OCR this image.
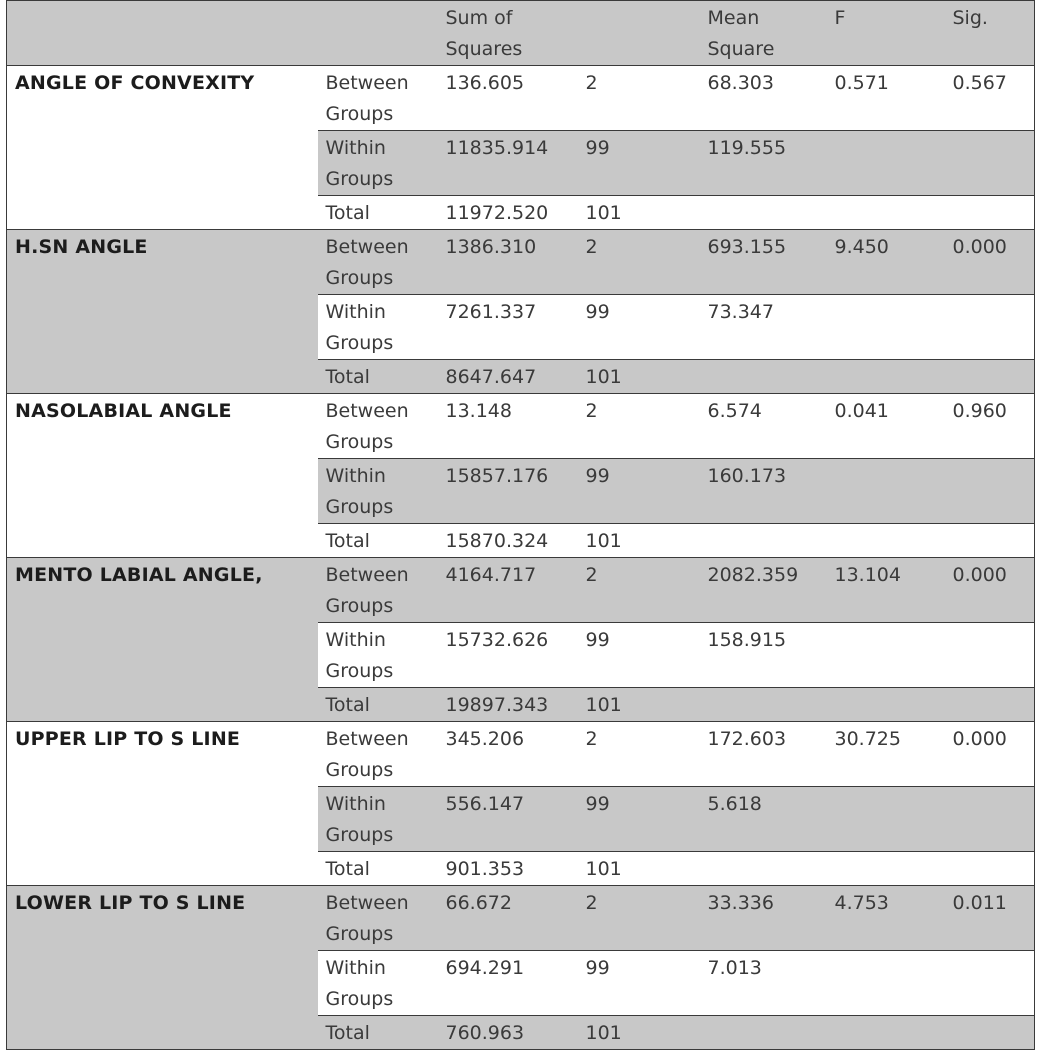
		Sum of Squares		Mean Square	F	Sig.
ANGLE OF CONVEXITY	Between Groups	136.605	2	68.303	0.571	0.567
	Within Groups	11835.914	99	119.555		
	Total	11972.520	101			
H.SN ANGLE	Between Groups	1386.310	2	693.155	9.450	0.000
	Within Groups	7261.337	99	73.347		
	Total	8647.647	101			
NASOLABIAL ANGLE	Between Groups	13.148	2	6.574	0.041	0.960
	Within Groups	15857.176	99	160.173		
	Total	15870.324	101			
MENTO LABIAL ANGLE,	Between Groups	4164.717	2	2082.359	13.104	0.000
	Within Groups	15732.626	99	158.915		
	Total	19897.343	101			
UPPER LIP TO S LINE	Between Groups	345.206	2	172.603	30.725	0.000
	Within Groups	556.147	99	5.618		
	Total	901.353	101			
LOWER LIP TO S LINE	Between Groups	66.672	2	33.336	4.753	0.011
	Within Groups	694.291	99	7.013		
	Total	760.963	101			
